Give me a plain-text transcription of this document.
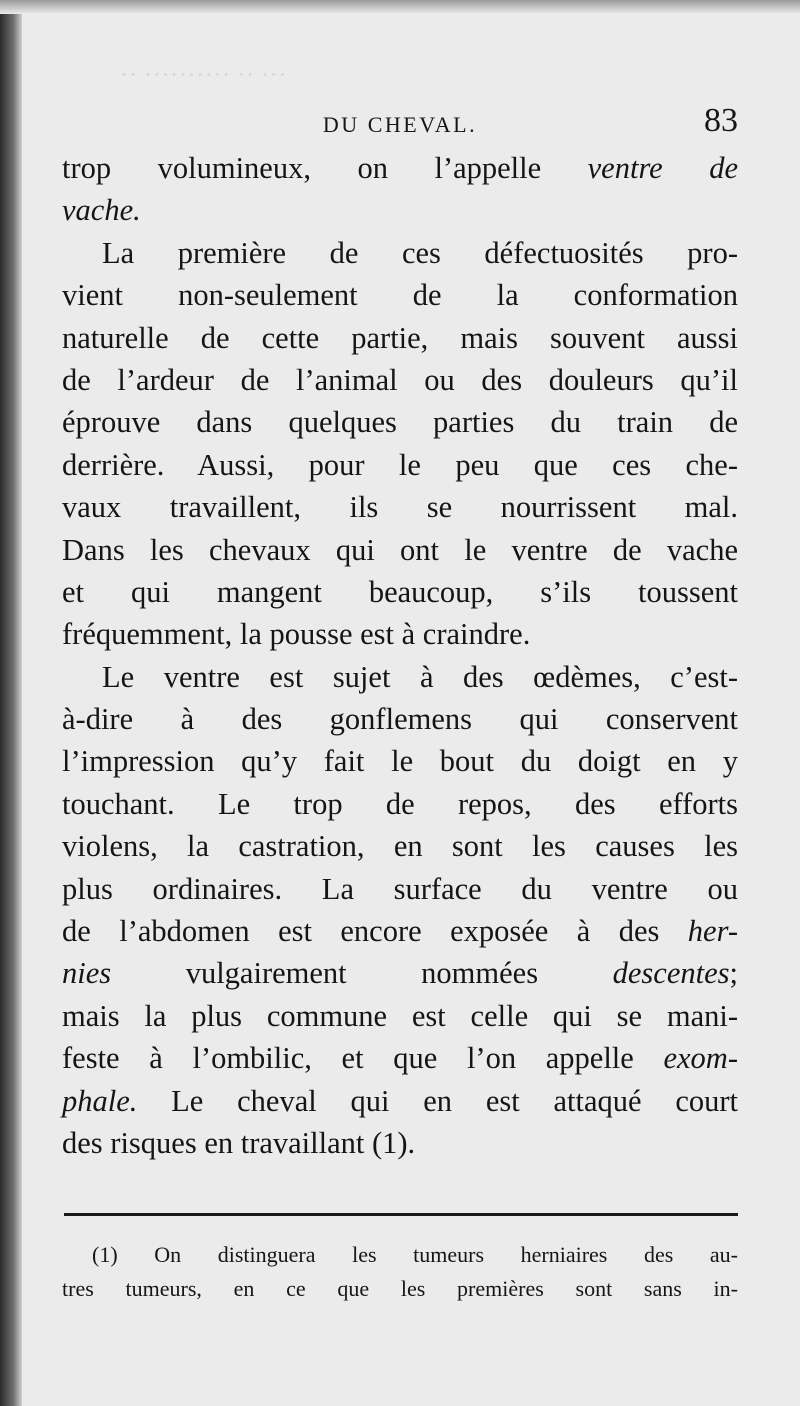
··· ·· ·········· ··
DU CHEVAL.	83
trop volumineux, on l’appelle ventre de
vache.
La première de ces défectuosités pro-
vient non-seulement de la conformation
naturelle de cette partie, mais souvent aussi
de l’ardeur de l’animal ou des douleurs qu’il
éprouve dans quelques parties du train de
derrière. Aussi, pour le peu que ces che-
vaux travaillent, ils se nourrissent mal.
Dans les chevaux qui ont le ventre de vache
et qui mangent beaucoup, s’ils toussent
fréquemment, la pousse est à craindre.
Le ventre est sujet à des œdèmes, c’est-
à-dire à des gonflemens qui conservent
l’impression qu’y fait le bout du doigt en y
touchant. Le trop de repos, des efforts
violens, la castration, en sont les causes les
plus ordinaires. La surface du ventre ou
de l’abdomen est encore exposée à des her-
nies vulgairement nommées descentes;
mais la plus commune est celle qui se mani-
feste à l’ombilic, et que l’on appelle exom-
phale. Le cheval qui en est attaqué court
des risques en travaillant (1).
(1) On distinguera les tumeurs herniaires des au-
tres tumeurs, en ce que les premières sont sans in-
